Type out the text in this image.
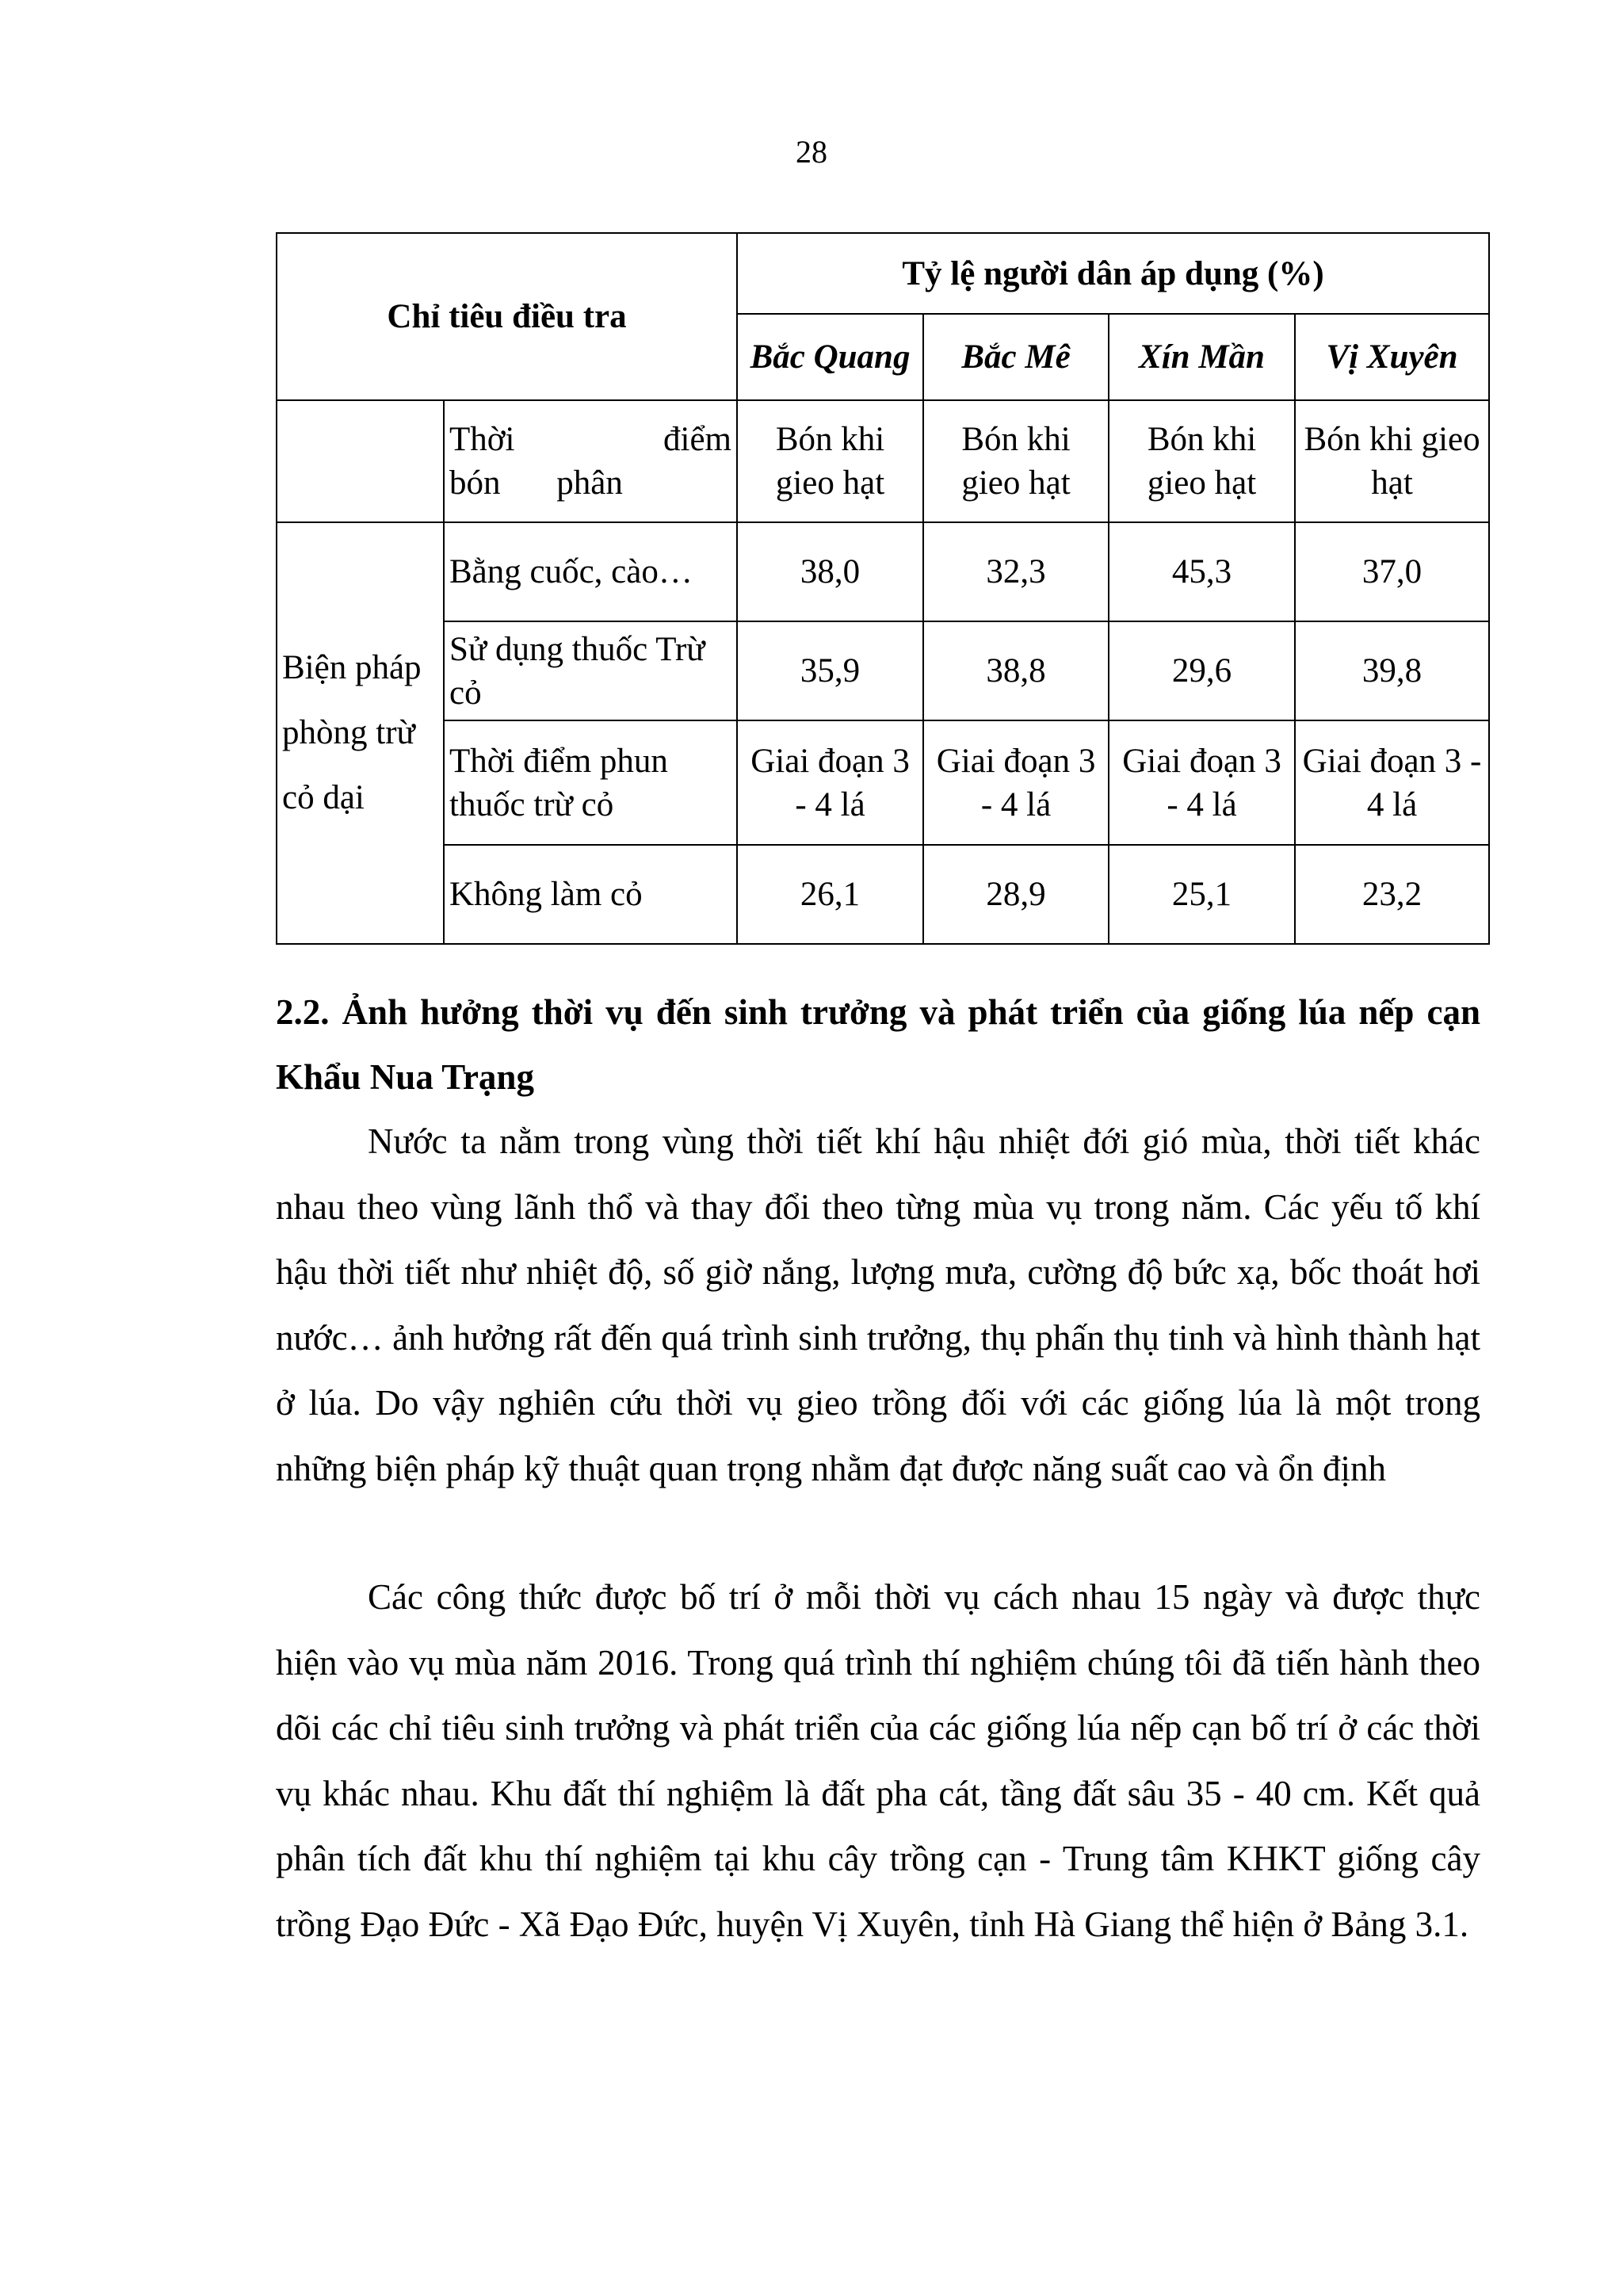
28
Chỉ tiêu điều tra		Tỷ lệ người dân áp dụng (%)			
		Bắc Quang	Bắc Mê	Xín Mần	Vị Xuyên
	Thời điểm bón phân	Bón khi gieo hạt	Bón khi gieo hạt	Bón khi gieo hạt	Bón khi gieo hạt
Biện pháp phòng trừ cỏ dại	Bằng cuốc, cào…	38,0	32,3	45,3	37,0
	Sử dụng thuốc Trừ cỏ	35,9	38,8	29,6	39,8
	Thời điểm phun thuốc trừ cỏ	Giai đoạn 3 - 4 lá	Giai đoạn 3 - 4 lá	Giai đoạn 3 - 4 lá	Giai đoạn 3 - 4 lá
	Không làm cỏ	26,1	28,9	25,1	23,2
2.2. Ảnh hưởng thời vụ đến sinh trưởng và phát triển của giống lúa nếp cạn Khẩu Nua Trạng

Nước ta nằm trong vùng thời tiết khí hậu nhiệt đới gió mùa, thời tiết khác nhau theo vùng lãnh thổ và thay đổi theo từng mùa vụ trong năm. Các yếu tố khí hậu thời tiết như nhiệt độ, số giờ nắng, lượng mưa, cường độ bức xạ, bốc thoát hơi nước… ảnh hưởng rất đến quá trình sinh trưởng, thụ phấn thụ tinh và hình thành hạt ở lúa. Do vậy nghiên cứu thời vụ gieo trồng đối với các giống lúa là một trong những biện pháp kỹ thuật quan trọng nhằm đạt được năng suất cao và ổn định

Các công thức được bố trí ở mỗi thời vụ cách nhau 15 ngày và được thực hiện vào vụ mùa năm 2016. Trong quá trình thí nghiệm chúng tôi đã tiến hành theo dõi các chỉ tiêu sinh trưởng và phát triển của các giống lúa nếp cạn bố trí ở các thời vụ khác nhau. Khu đất thí nghiệm là đất pha cát, tầng đất sâu 35 - 40 cm. Kết quả phân tích đất khu thí nghiệm tại khu cây trồng cạn - Trung tâm KHKT giống cây trồng Đạo Đức - Xã Đạo Đức, huyện Vị Xuyên, tỉnh Hà Giang thể hiện ở Bảng 3.1.
